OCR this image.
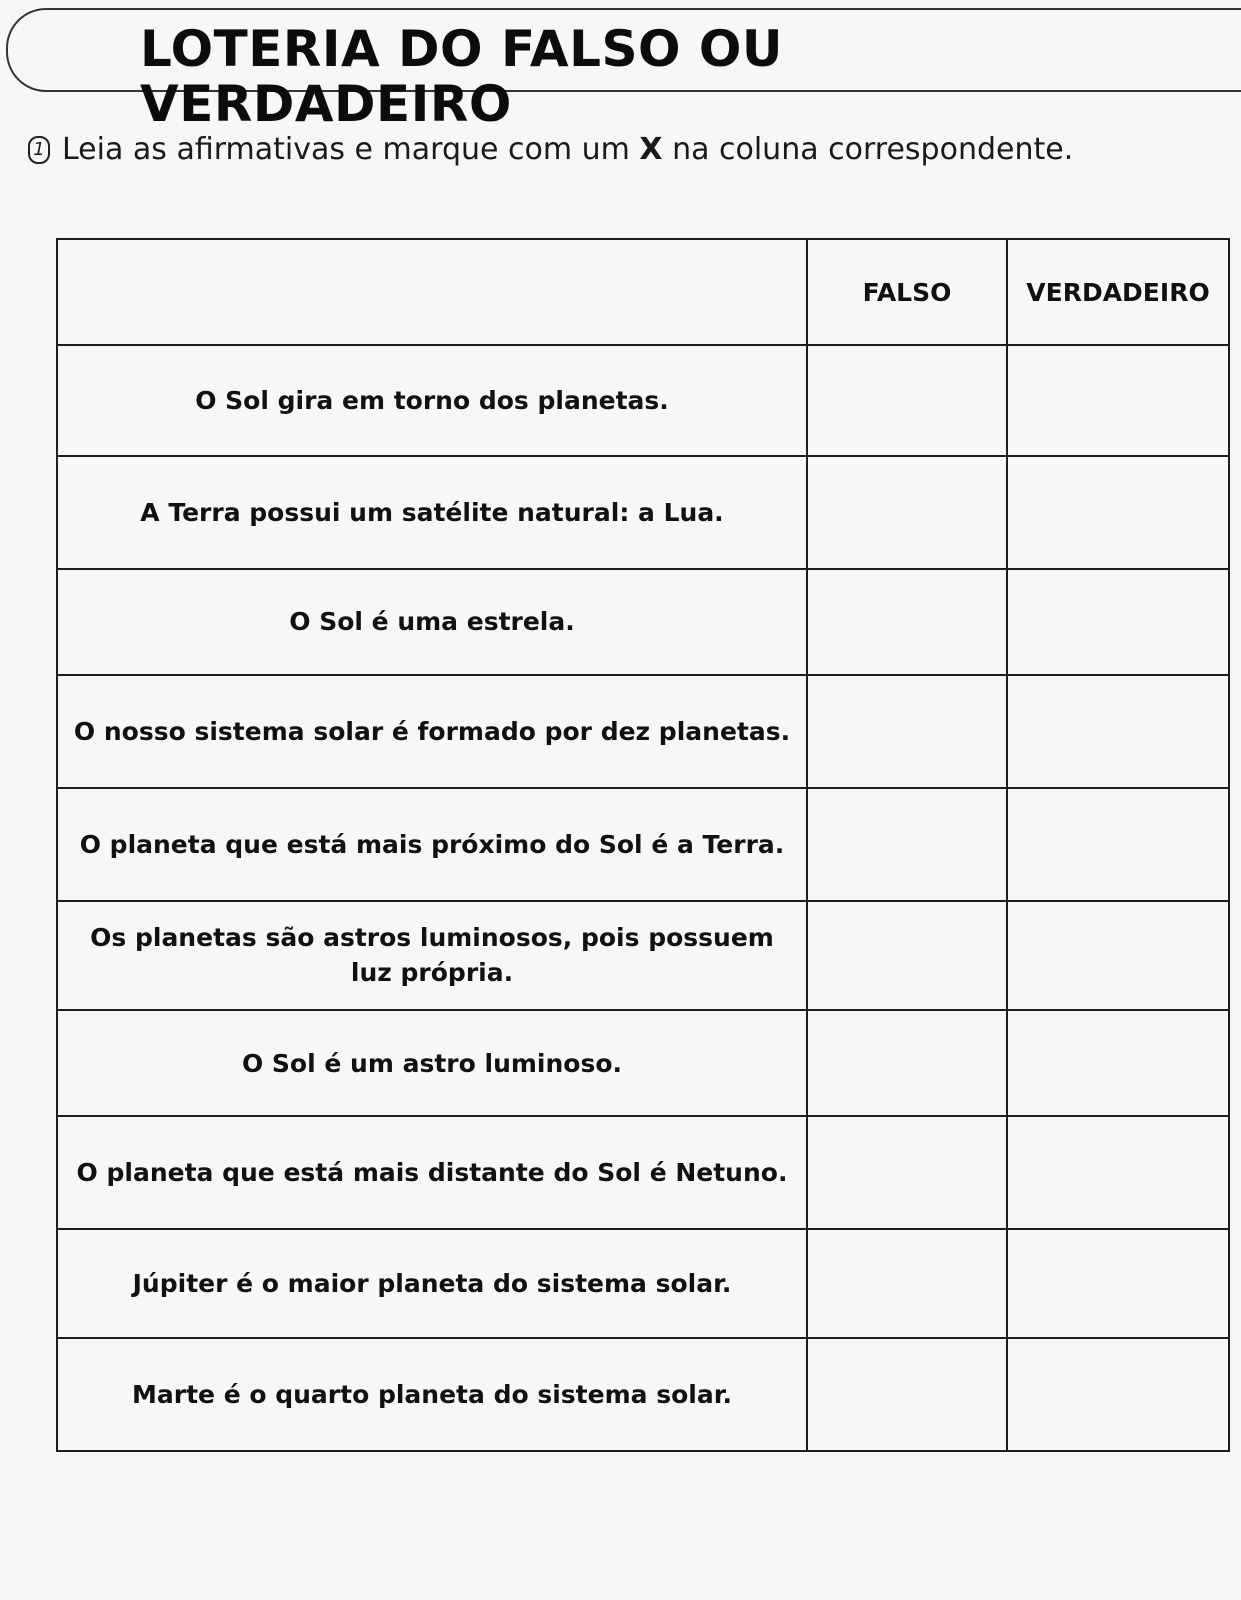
LOTERIA DO FALSO OU VERDADEIRO
1 Leia as afirmativas e marque com um X na coluna correspondente.
	FALSO	VERDADEIRO
O Sol gira em torno dos planetas.		
A Terra possui um satélite natural: a Lua.		
O Sol é uma estrela.		
O nosso sistema solar é formado por dez planetas.		
O planeta que está mais próximo do Sol é a Terra.		
Os planetas são astros luminosos, pois possuem luz própria.		
O Sol é um astro luminoso.		
O planeta que está mais distante do Sol é Netuno.		
Júpiter é o maior planeta do sistema solar.		
Marte é o quarto planeta do sistema solar.		
